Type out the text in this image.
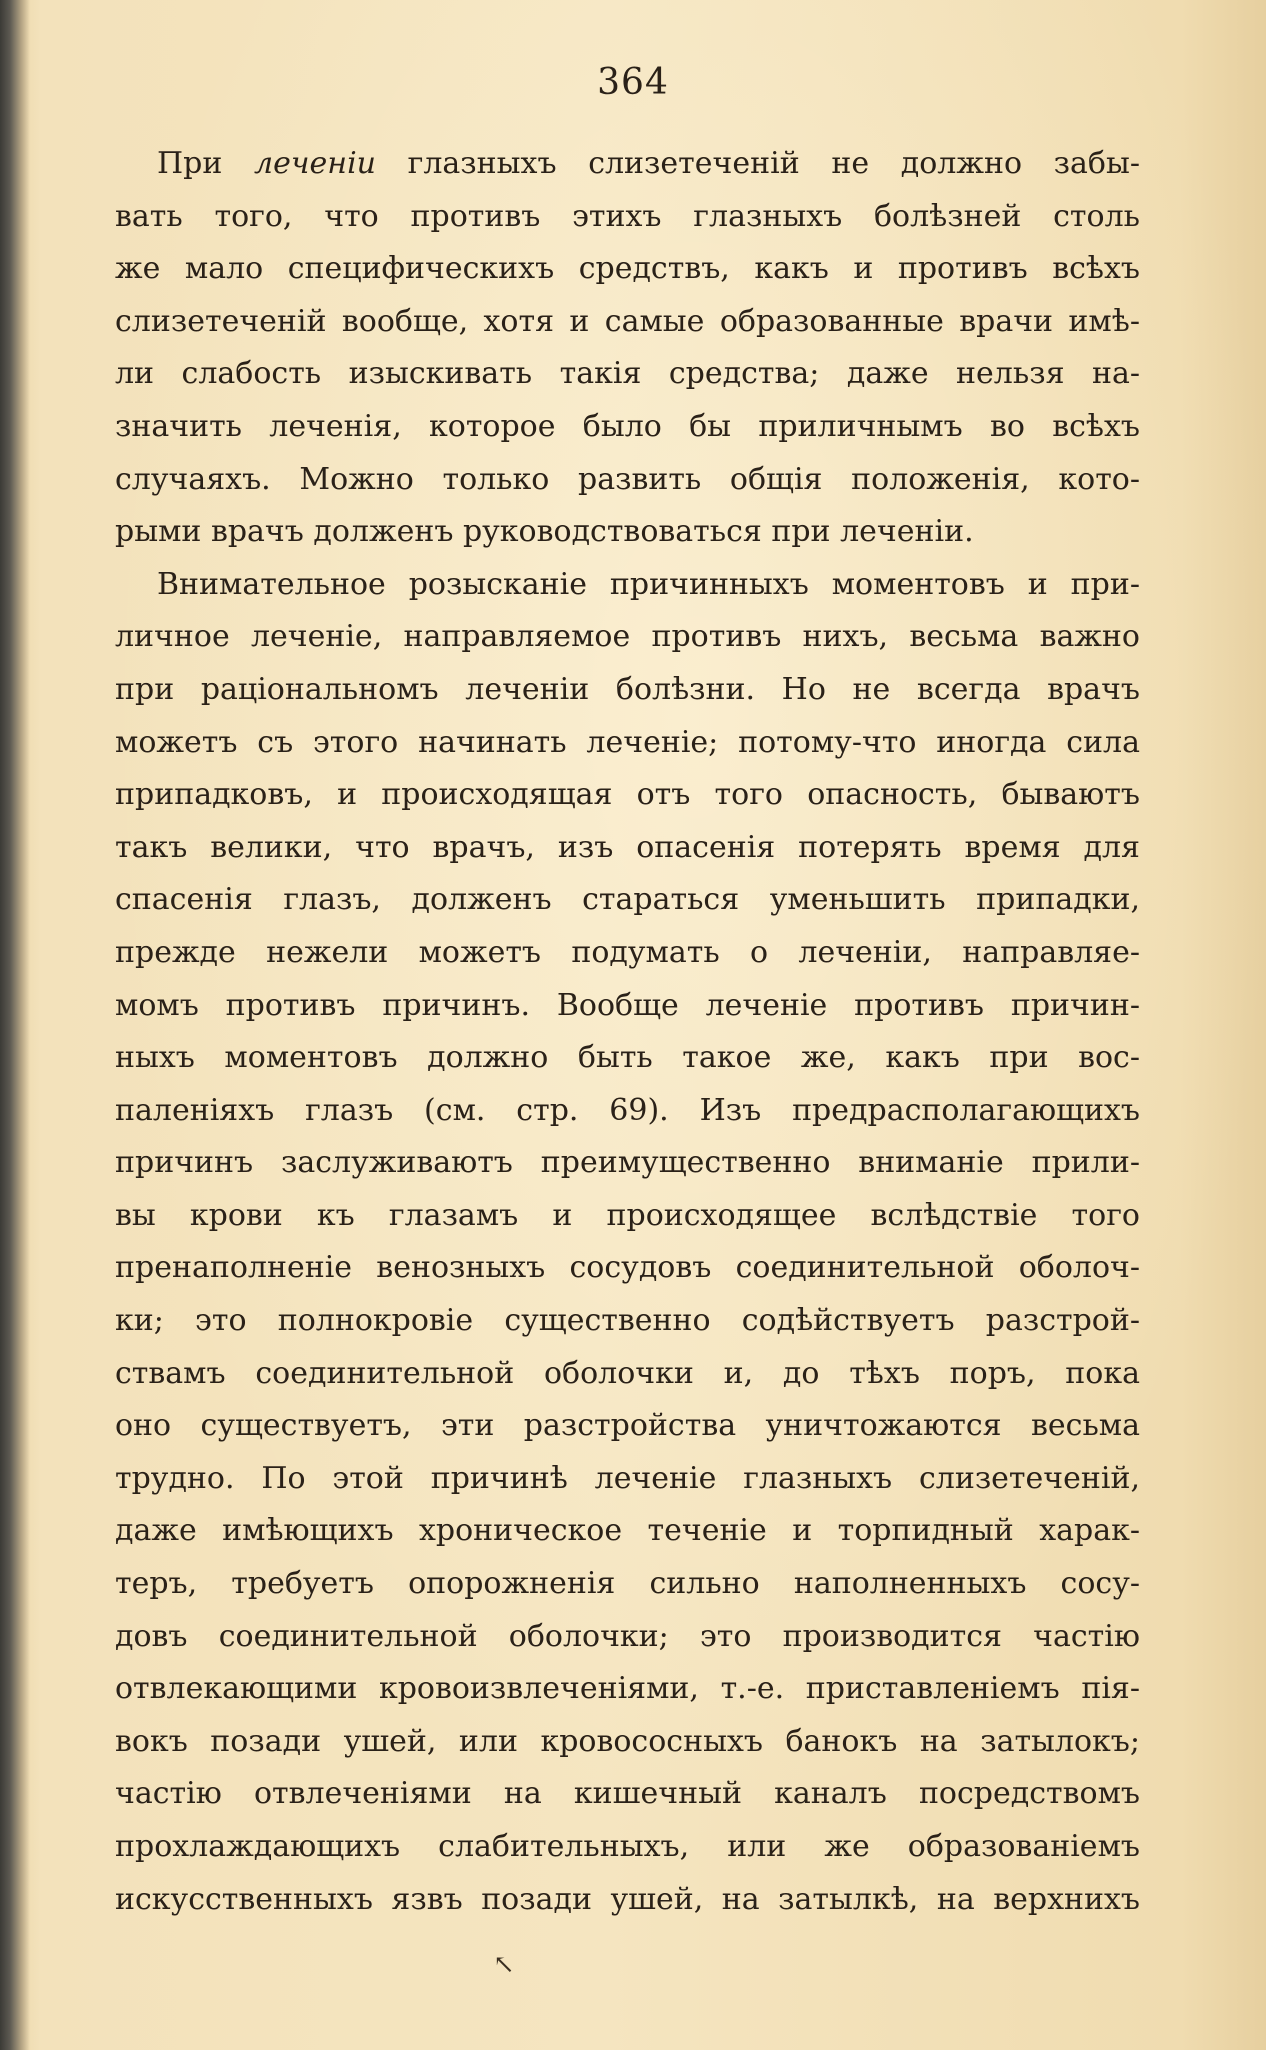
364
При леченіи глазныхъ слизетеченій не должно забы-
вать того, что противъ этихъ глазныхъ болѣзней столь
же мало специфическихъ средствъ, какъ и противъ всѣхъ
слизетеченій вообще, хотя и самые образованные врачи имѣ-
ли слабость изыскивать такія средства; даже нельзя на-
значить леченія, которое было бы приличнымъ во всѣхъ
случаяхъ. Можно только развить общія положенія, кото-
рыми врачъ долженъ руководствоваться при леченіи.
Внимательное розысканіе причинныхъ моментовъ и при-
личное леченіе, направляемое противъ нихъ, весьма важно
при раціональномъ леченіи болѣзни. Но не всегда врачъ
можетъ съ этого начинать леченіе; потому-что иногда сила
припадковъ, и происходящая отъ того опасность, бываютъ
такъ велики, что врачъ, изъ опасенія потерять время для
спасенія глазъ, долженъ стараться уменьшить припадки,
прежде нежели можетъ подумать о леченіи, направляе-
момъ противъ причинъ. Вообще леченіе противъ причин-
ныхъ моментовъ должно быть такое же, какъ при вос-
паленіяхъ глазъ (см. стр. 69). Изъ предрасполагающихъ
причинъ заслуживаютъ преимущественно вниманіе прили-
вы крови къ глазамъ и происходящее вслѣдствіе того
пренаполненіе венозныхъ сосудовъ соединительной оболоч-
ки; это полнокровіе существенно содѣйствуетъ разстрой-
ствамъ соединительной оболочки и, до тѣхъ поръ, пока
оно существуетъ, эти разстройства уничтожаются весьма
трудно. По этой причинѣ леченіе глазныхъ слизетеченій,
даже имѣющихъ хроническое теченіе и торпидный харак-
теръ, требуетъ опорожненія сильно наполненныхъ сосу-
довъ соединительной оболочки; это производится частію
отвлекающими кровоизвлеченіями, т.-е. приставленіемъ пія-
вокъ позади ушей, или кровососныхъ банокъ на затылокъ;
частію отвлеченіями на кишечный каналъ посредствомъ
прохлаждающихъ слабительныхъ, или же образованіемъ
искусственныхъ язвъ позади ушей, на затылкѣ, на верхнихъ
↖
